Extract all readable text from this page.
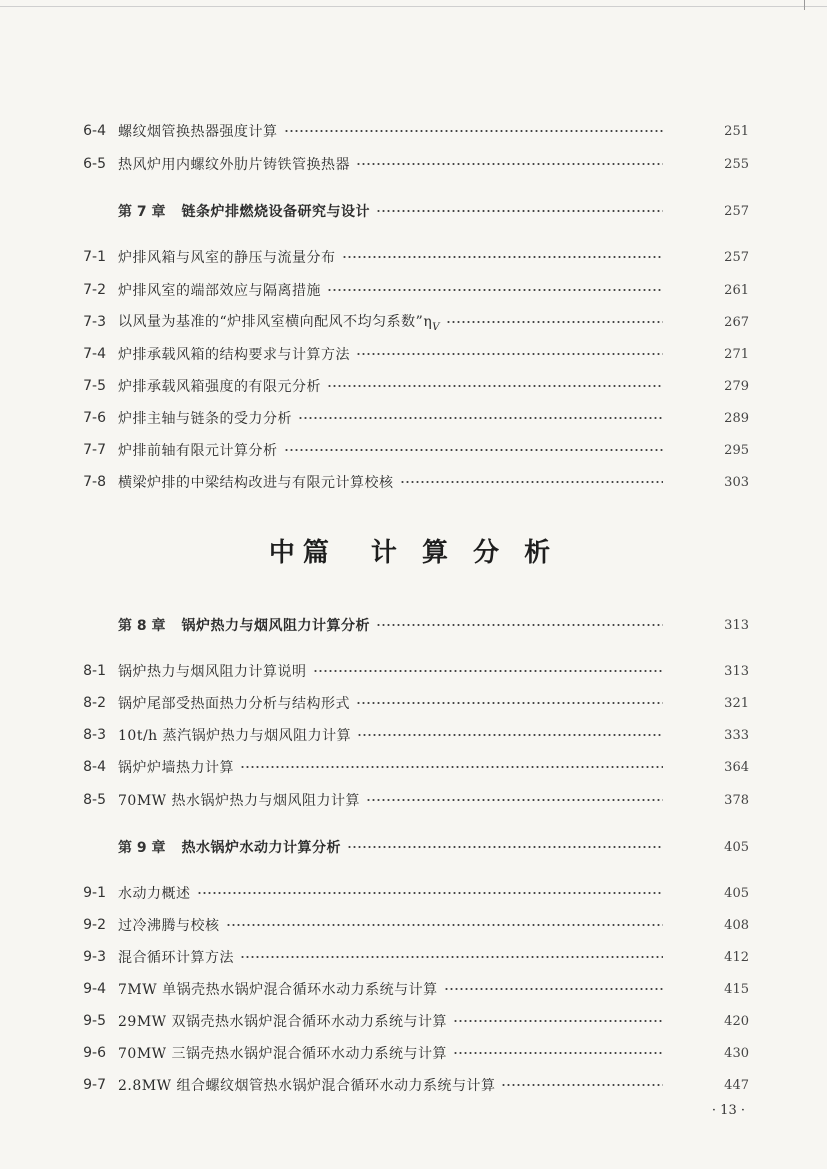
6-4 螺纹烟管换热器强度计算	251
6-5 热风炉用内螺纹外肋片铸铁管换热器	255
第 7 章	链条炉排燃烧设备研究与设计	257
7-1 炉排风箱与风室的静压与流量分布	257
7-2 炉排风室的端部效应与隔离措施	261
7-3 以风量为基准的“炉排风室横向配风不均匀系数$”\eta_V$	267
7-4 炉排承载风箱的结构要求与计算方法	271
7-5 炉排承载风箱强度的有限元分析	279
7-6 炉排主轴与链条的受力分析	289
7-7 炉排前轴有限元计算分析	295
7-8 横梁炉排的中梁结构改进与有限元计算校核	303
中篇　计 算 分 析
第 8 章	锅炉热力与烟风阻力计算分析	313
8-1 锅炉热力与烟风阻力计算说明	313
8-2 锅炉尾部受热面热力分析与结构形式	321
8-3 10t/h 蒸汽锅炉热力与烟风阻力计算	333
8-4 锅炉炉墙热力计算	364
8-5 70MW 热水锅炉热力与烟风阻力计算	378
第 9 章	热水锅炉水动力计算分析	405
9-1 水动力概述	405
9-2 过冷沸腾与校核	408
9-3 混合循环计算方法	412
9-4 7MW 单锅壳热水锅炉混合循环水动力系统与计算	415
9-5 29MW 双锅壳热水锅炉混合循环水动力系统与计算	420
9-6 70MW 三锅壳热水锅炉混合循环水动力系统与计算	430
9-7 2.8MW 组合螺纹烟管热水锅炉混合循环水动力系统与计算	447
· 13 ·
